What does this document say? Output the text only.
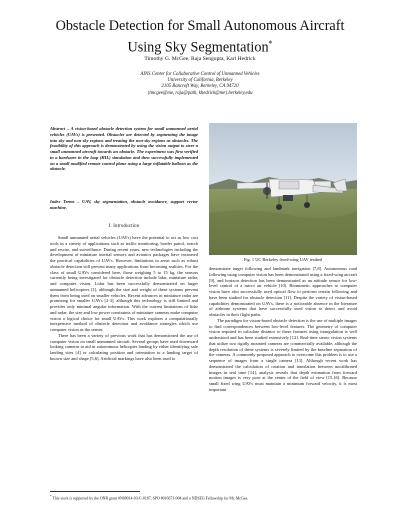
Obstacle Detection for Small Autonomous Aircraft
Using Sky Segmentation*
Timothy G. McGee, Raja Sengupta, Karl Hedrick
AINS Center for Collaborative Control of Unmanned Vehicles
University of California, Berkeley
2105 Bancroft Way, Berkeley, CA 94720
{tmcgee@me, raja@path, khedrick@me}.berkeley.edu
Abstract – A vision-based obstacle detection system for small unmanned aerial vehicles (UAVs) is presented. Obstacles are detected by segmenting the image into sky and non-sky regions and treating the non-sky regions as obstacles. The feasibility of this approach is demonstrated by using the vision output to steer a small unmanned aircraft towards an obstacle. The experiment was first verified in a hardware in the loop (HIL) simulation and then successfully implemented on a small modified remote control plane using a large inflatable balloon as the obstacle.
Index Terms – UAV, sky segmentation, obstacle avoidance, support vector machine.
I. Introduction

Small unmanned aerial vehicles (UAVs) have the potential to act as low cost tools in a variety of applications such as traffic monitoring, border patrol, search and rescue, and surveillance. During recent years, new technologies including the development of miniature inertial sensors and avionics packages have increased the practical capabilities of UAVs. However, limitations in areas such as robust obstacle detection still prevent many applications from becoming realities. For the class of small UAVs considered here, those weighing 5 to 15 kg, the sensors currently being investigated for obstacle detection include lidar, miniature radar, and computer vision. Lidar has been successfully demonstrated on larger unmanned helicopters [1], although the size and weight of these systems prevent them from being used on smaller vehicles. Recent advances in miniature radar are promising for smaller UAVs [2-3], although this technology is still limited and provides only minimal angular information. With the current limitations of lidar and radar, the size and low power constraints of miniature cameras make computer vision a logical choice for small UAVs. This work explores a computationally inexpensive method of obstacle detection and avoidance strategies which use computer vision as the sensor.

There has been a variety of previous work that has demonstrated the use of computer vision on small unmanned aircraft. Several groups have used downward looking cameras to aid in autonomous helicopter landing by either identifying safe landing sites [4] or calculating position and orientation to a landing target of known size and shape [5,6]. Artificial markings have also been used to

Fig. 1 UC Berkeley fixed-wing UAV testbed

demonstrate target following and landmark navigation [7,8]. Autonomous road following using computer vision has been demonstrated using a fixed-wing aircraft [9], and horizon detection has been demonstrated as an attitude sensor for low-level control of a micro air vehicle [10]. Biomimetic approaches to computer vision have also successfully used optical flow to perform terrain following and have been studied for obstacle detection [11]. Despite the variety of vision-based capabilities demonstrated on UAVs, there is a noticeable absence in the literature of airborne systems that have successfully used vision to detect and avoid obstacles in their flight paths.

The paradigm for vision-based obstacle detection is the use of multiple images to find correspondences between low-level features. The geometry of computer vision required to calculate distance to these features using triangulation is well understood and has been studied extensively [12]. Real-time stereo vision systems that utilize two rigidly mounted cameras are commercially available, although the depth resolution of these systems is severely limited by the baseline separation of the cameras. A commonly proposed approach to overcome this problem is to use a sequence of images from a single camera [13]. Although recent work has demonstrated the calculation of rotation and translation between uncalibrated images in real time [14], analysis reveals that depth estimation from forward motion images is very poor at the center of the field of view [15,16]. Because small fixed wing UAVs must maintain a minimum forward velocity, it is most important

* This work is supported by the ONR grant #N00014-03-C-0187, SPO #016671-004 and a NDSEG Fellowship for Mr. McGee.
